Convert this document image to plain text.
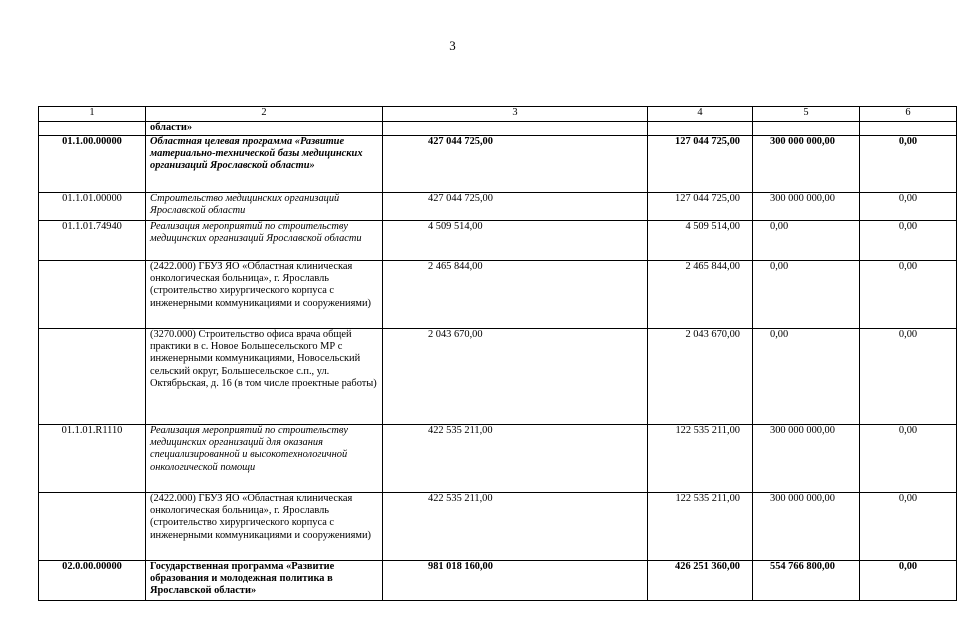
3
1	2	3	4	5	6
	области»				
01.1.00.00000	Областная целевая программа «Развитие материально-технической базы медицинских организаций Ярославской области»	427 044 725,00	127 044 725,00	300 000 000,00	0,00
01.1.01.00000	Строительство медицинских организаций Ярославской области	427 044 725,00	127 044 725,00	300 000 000,00	0,00
01.1.01.74940	Реализация мероприятий по строительству медицинских организаций Ярославской области	4 509 514,00	4 509 514,00	0,00	0,00
	(2422.000) ГБУЗ ЯО «Областная клиническая онкологическая больница», г. Ярославль (строительство хирургического корпуса с инженерными коммуникациями и сооружениями)	2 465 844,00	2 465 844,00	0,00	0,00
	(3270.000) Строительство офиса врача общей практики в с. Новое Большесельского МР с инженерными коммуникациями, Новосельский сельский округ, Большесельское с.п., ул. Октябрьская, д. 16 (в том числе проектные работы)	2 043 670,00	2 043 670,00	0,00	0,00
01.1.01.R1110	Реализация мероприятий по строительству медицинских организаций для оказания специализированной и высокотехнологичной онкологической помощи	422 535 211,00	122 535 211,00	300 000 000,00	0,00
	(2422.000) ГБУЗ ЯО «Областная клиническая онкологическая больница», г. Ярославль (строительство хирургического корпуса с инженерными коммуникациями и сооружениями)	422 535 211,00	122 535 211,00	300 000 000,00	0,00
02.0.00.00000	Государственная программа «Развитие образования и молодежная политика в Ярославской области»	981 018 160,00	426 251 360,00	554 766 800,00	0,00
